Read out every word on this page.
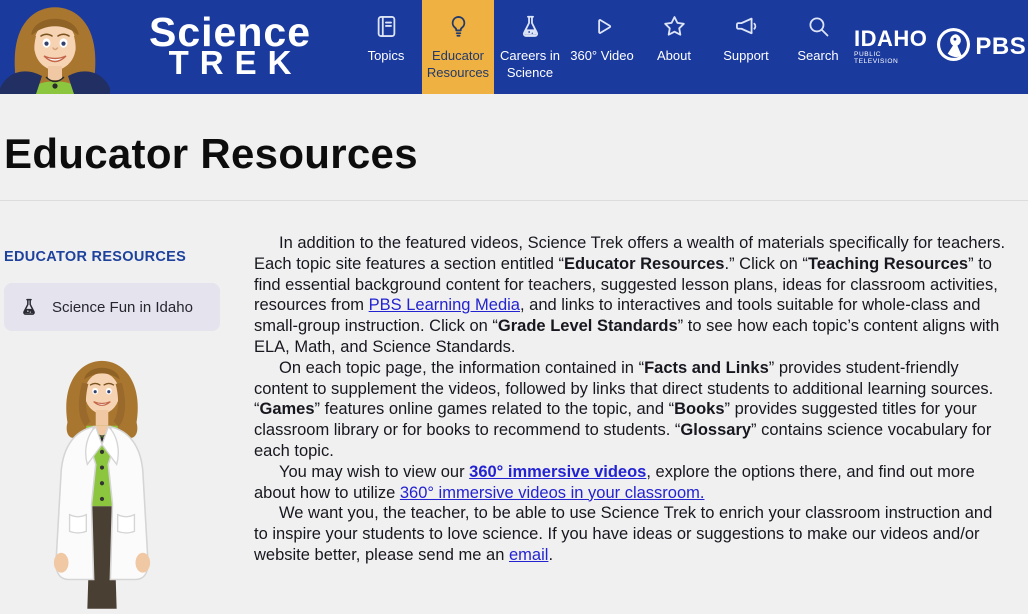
Science
TREK	Topics	Educator Resources
Careers in Science
360° Video About Support Search
IDAHO
PUBLIC TELEVISION
PBS
Educator Resources
EDUCATOR RESOURCES
Science Fun in Idaho

In addition to the featured videos, Science Trek offers a wealth of materials specifically for teachers. Each topic site features a section entitled “Educator Resources.” Click on “Teaching Resources” to find essential background content for teachers, suggested lesson plans, ideas for classroom activities, resources from PBS Learning Media, and links to interactives and tools suitable for whole-class and small-group instruction. Click on “Grade Level Standards” to see how each topic’s content aligns with ELA, Math, and Science Standards.

On each topic page, the information contained in “Facts and Links” provides student-friendly content to supplement the videos, followed by links that direct students to additional learning sources. “Games” features online games related to the topic, and “Books” provides suggested titles for your classroom library or for books to recommend to students. “Glossary” contains science vocabulary for each topic.

You may wish to view our 360° immersive videos, explore the options there, and find out more about how to utilize 360° immersive videos in your classroom.

We want you, the teacher, to be able to use Science Trek to enrich your classroom instruction and to inspire your students to love science. If you have ideas or suggestions to make our videos and/or website better, please send me an email.
